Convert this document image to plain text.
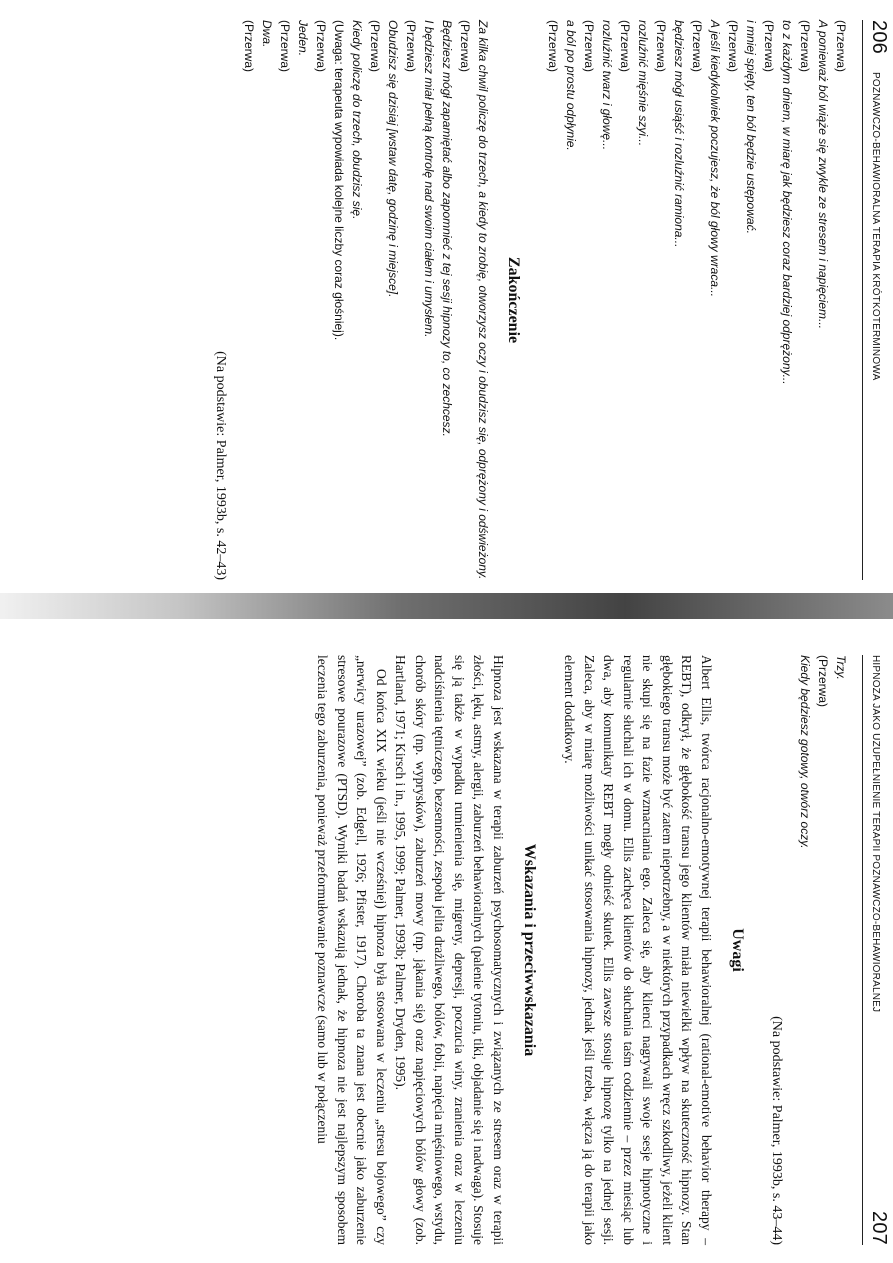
206
POZNAWCZO-BEHAWIORALNA TERAPIA KRÓTKOTERMINOWA
(Przerwa)
A ponieważ ból wiąże się zwykle ze stresem i napięciem...
(Przerwa)
to z każdym dniem, w miarę jak będziesz coraz bardziej odprężony...
(Przerwa)
i mniej spięty, ten ból będzie ustępować.
(Przerwa)
A jeśli kiedykolwiek poczujesz, że ból głowy wraca...
(Przerwa)
będziesz mógł usiąść i rozluźnić ramiona...
(Przerwa)
rozluźnić mięśnie szyi...
(Przerwa)
rozluźnić twarz i głowę...
(Przerwa)
a ból po prostu odpłynie.
(Przerwa)
Zakończenie
Za kilka chwil policzę do trzech, a kiedy to zrobię, otworzysz oczy i obudzisz się, odprężony i odświeżony.
(Przerwa)
Będziesz mógł zapamiętać albo zapomnieć z tej sesji hipnozy to, co zechcesz.
I będziesz miał pełną kontrolę nad swoim ciałem i umysłem.
(Przerwa)
Obudzisz się dzisiaj [wstaw datę, godzinę i miejsce].
(Przerwa)
Kiedy policzę do trzech, obudzisz się.
(Uwaga: terapeuta wypowiada kolejne liczby coraz głośniej).
(Przerwa)
Jeden.
(Przerwa)
Dwa.
(Przerwa)
(Na podstawie: Palmer, 1993b, s. 42–43)
HIPNOZA JAKO UZUPEŁNIENIE TERAPII POZNAWCZO-BEHAWIORALNEJ
207
Trzy.
(Przerwa)
Kiedy będziesz gotowy, otwórz oczy.
(Na podstawie: Palmer, 1993b, s. 43–44)
Uwagi

Albert Ellis, twórca racjonalno-emotywnej terapii behawioralnej (rational-emotive behavior therapy – REBT), odkrył, że głębokość transu jego klientów miała niewielki wpływ na skuteczność hipnozy. Stan głębokiego transu może być zatem niepotrzebny, a w niektórych przypadkach wręcz szkodliwy, jeżeli klient nie skupi się na fazie wzmacniania ego. Zaleca się, aby klienci nagrywali swoje sesje hipnotyczne i regularnie słuchali ich w domu. Ellis zachęca klientów do słuchania taśm codziennie – przez miesiąc lub dwa, aby komunikaty REBT mogły odnieść skutek. Ellis zawsze stosuje hipnozę tylko na jednej sesji. Zaleca, aby w miarę możliwości unikać stosowania hipnozy, jednak jeśli trzeba, włącza ją do terapii jako element dodatkowy.

Wskazania i przeciwwskazania

Hipnoza jest wskazana w terapii zaburzeń psychosomatycznych i związanych ze stresem oraz w terapii złości, lęku, astmy, alergii, zaburzeń behawioralnych (palenie tytoniu, tiki, objadanie się i nadwaga). Stosuje się ją także w wypadku rumienienia się, migreny, depresji, poczucia winy, zranienia oraz w leczeniu nadciśnienia tętniczego, bezsenności, zespołu jelita drażliwego, bólów, fobii, napięcia mięśniowego, wstydu, chorób skóry (np. wyprysków), zaburzeń mowy (np. jąkania się) oraz napięciowych bólów głowy (zob. Hartland, 1971; Kirsch i in., 1995, 1999; Palmer, 1993b; Palmer, Dryden, 1995).

Od końca XIX wieku (jeśli nie wcześniej) hipnoza była stosowana w leczeniu „stresu bojowego” czy „nerwicy urazowej” (zob. Edgell, 1926; Pfister, 1917). Choroba ta znana jest obecnie jako zaburzenie stresowe pourazowe (PTSD). Wyniki badań wskazują jednak, że hipnoza nie jest najlepszym sposobem leczenia tego zaburzenia, ponieważ przeformułowanie poznawcze (samo lub w połączeniu
